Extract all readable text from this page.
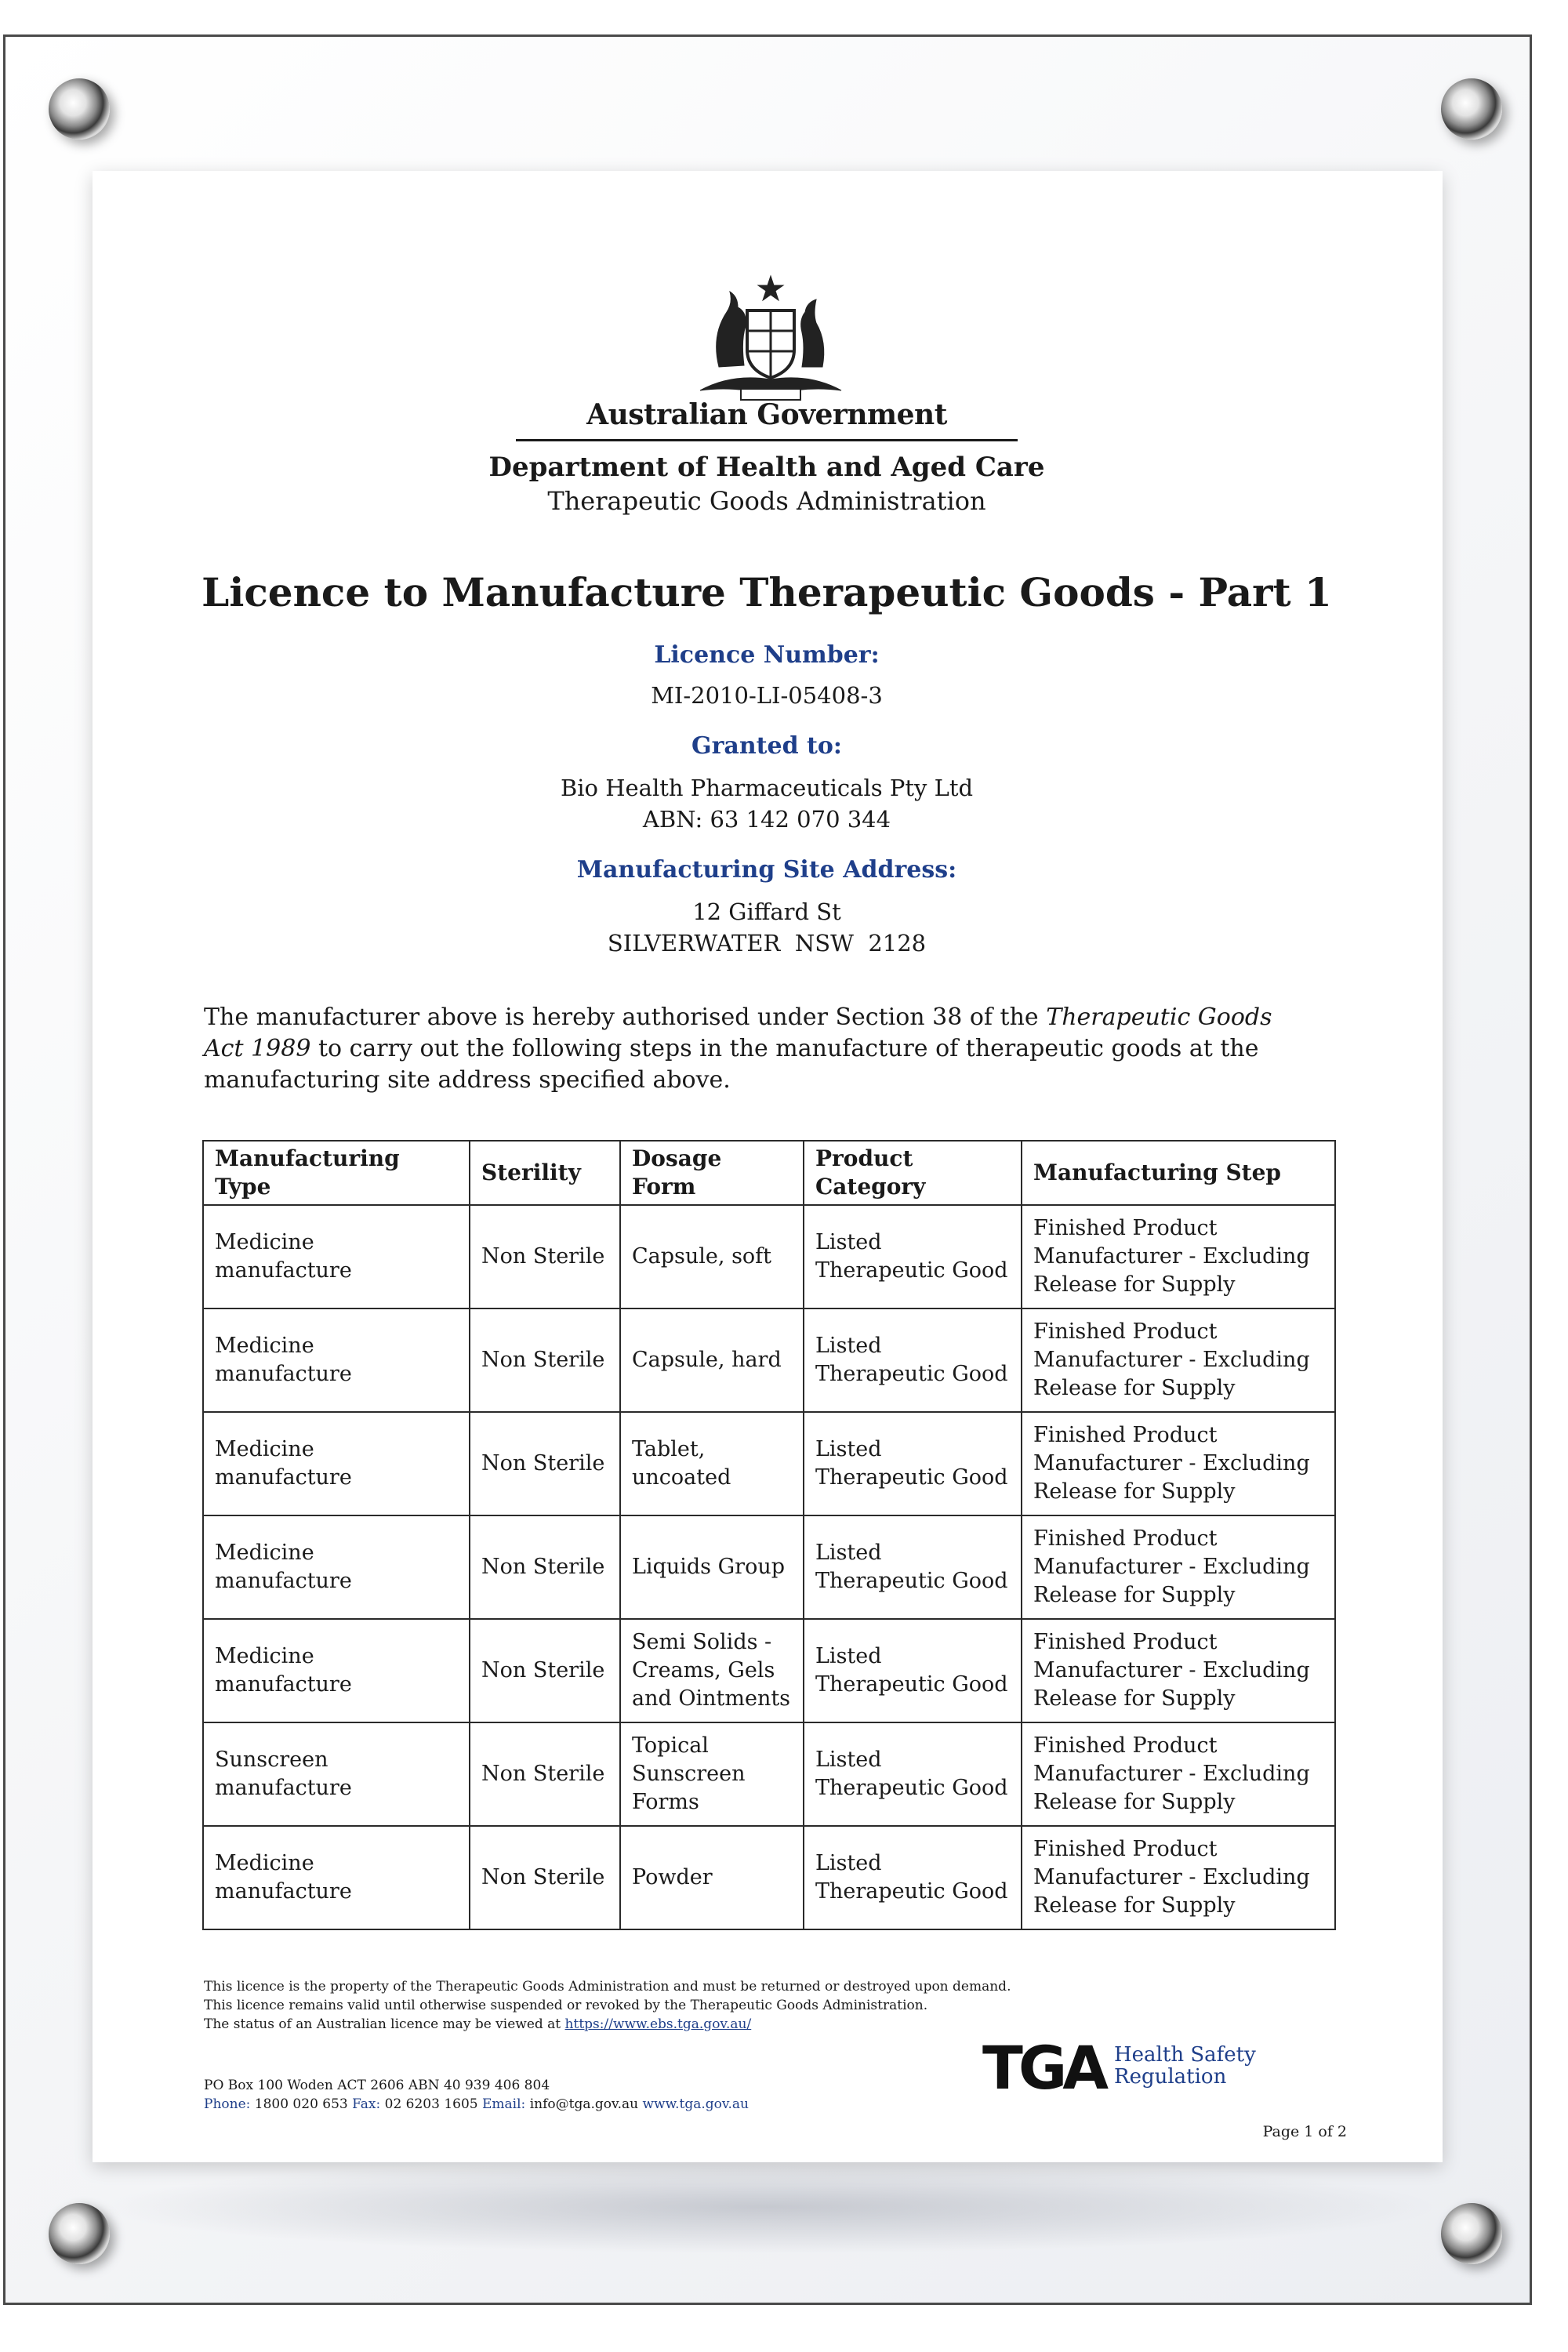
Australian Government
Department of Health and Aged Care
Therapeutic Goods Administration
Licence to Manufacture Therapeutic Goods - Part 1
Licence Number:
MI-2010-LI-05408-3
Granted to:
Bio Health Pharmaceuticals Pty Ltd
ABN: 63 142 070 344
Manufacturing Site Address:
12 Giffard St
SILVERWATER  NSW  2128
The manufacturer above is hereby authorised under Section 38 of the Therapeutic Goods Act 1989 to carry out the following steps in the manufacture of therapeutic goods at the manufacturing site address specified above.
Manufacturing Type	Sterility	Dosage Form	Product Category	Manufacturing Step
Medicine manufacture	Non Sterile	Capsule, soft	Listed Therapeutic Good	Finished Product Manufacturer - Excluding Release for Supply
Medicine manufacture	Non Sterile	Capsule, hard	Listed Therapeutic Good	Finished Product Manufacturer - Excluding Release for Supply
Medicine manufacture	Non Sterile	Tablet, uncoated	Listed Therapeutic Good	Finished Product Manufacturer - Excluding Release for Supply
Medicine manufacture	Non Sterile	Liquids Group	Listed Therapeutic Good	Finished Product Manufacturer - Excluding Release for Supply
Medicine manufacture	Non Sterile	Semi Solids - Creams, Gels and Ointments	Listed Therapeutic Good	Finished Product Manufacturer - Excluding Release for Supply
Sunscreen manufacture	Non Sterile	Topical Sunscreen Forms	Listed Therapeutic Good	Finished Product Manufacturer - Excluding Release for Supply
Medicine manufacture	Non Sterile	Powder	Listed Therapeutic Good	Finished Product Manufacturer - Excluding Release for Supply
This licence is the property of the Therapeutic Goods Administration and must be returned or destroyed upon demand.
This licence remains valid until otherwise suspended or revoked by the Therapeutic Goods Administration.
The status of an Australian licence may be viewed at https://www.ebs.tga.gov.au/
PO Box 100 Woden ACT 2606 ABN 40 939 406 804
Phone: 1800 020 653 Fax: 02 6203 1605 Email: info@tga.gov.au www.tga.gov.au
TGA Health Safety
Regulation
Page 1 of 2
